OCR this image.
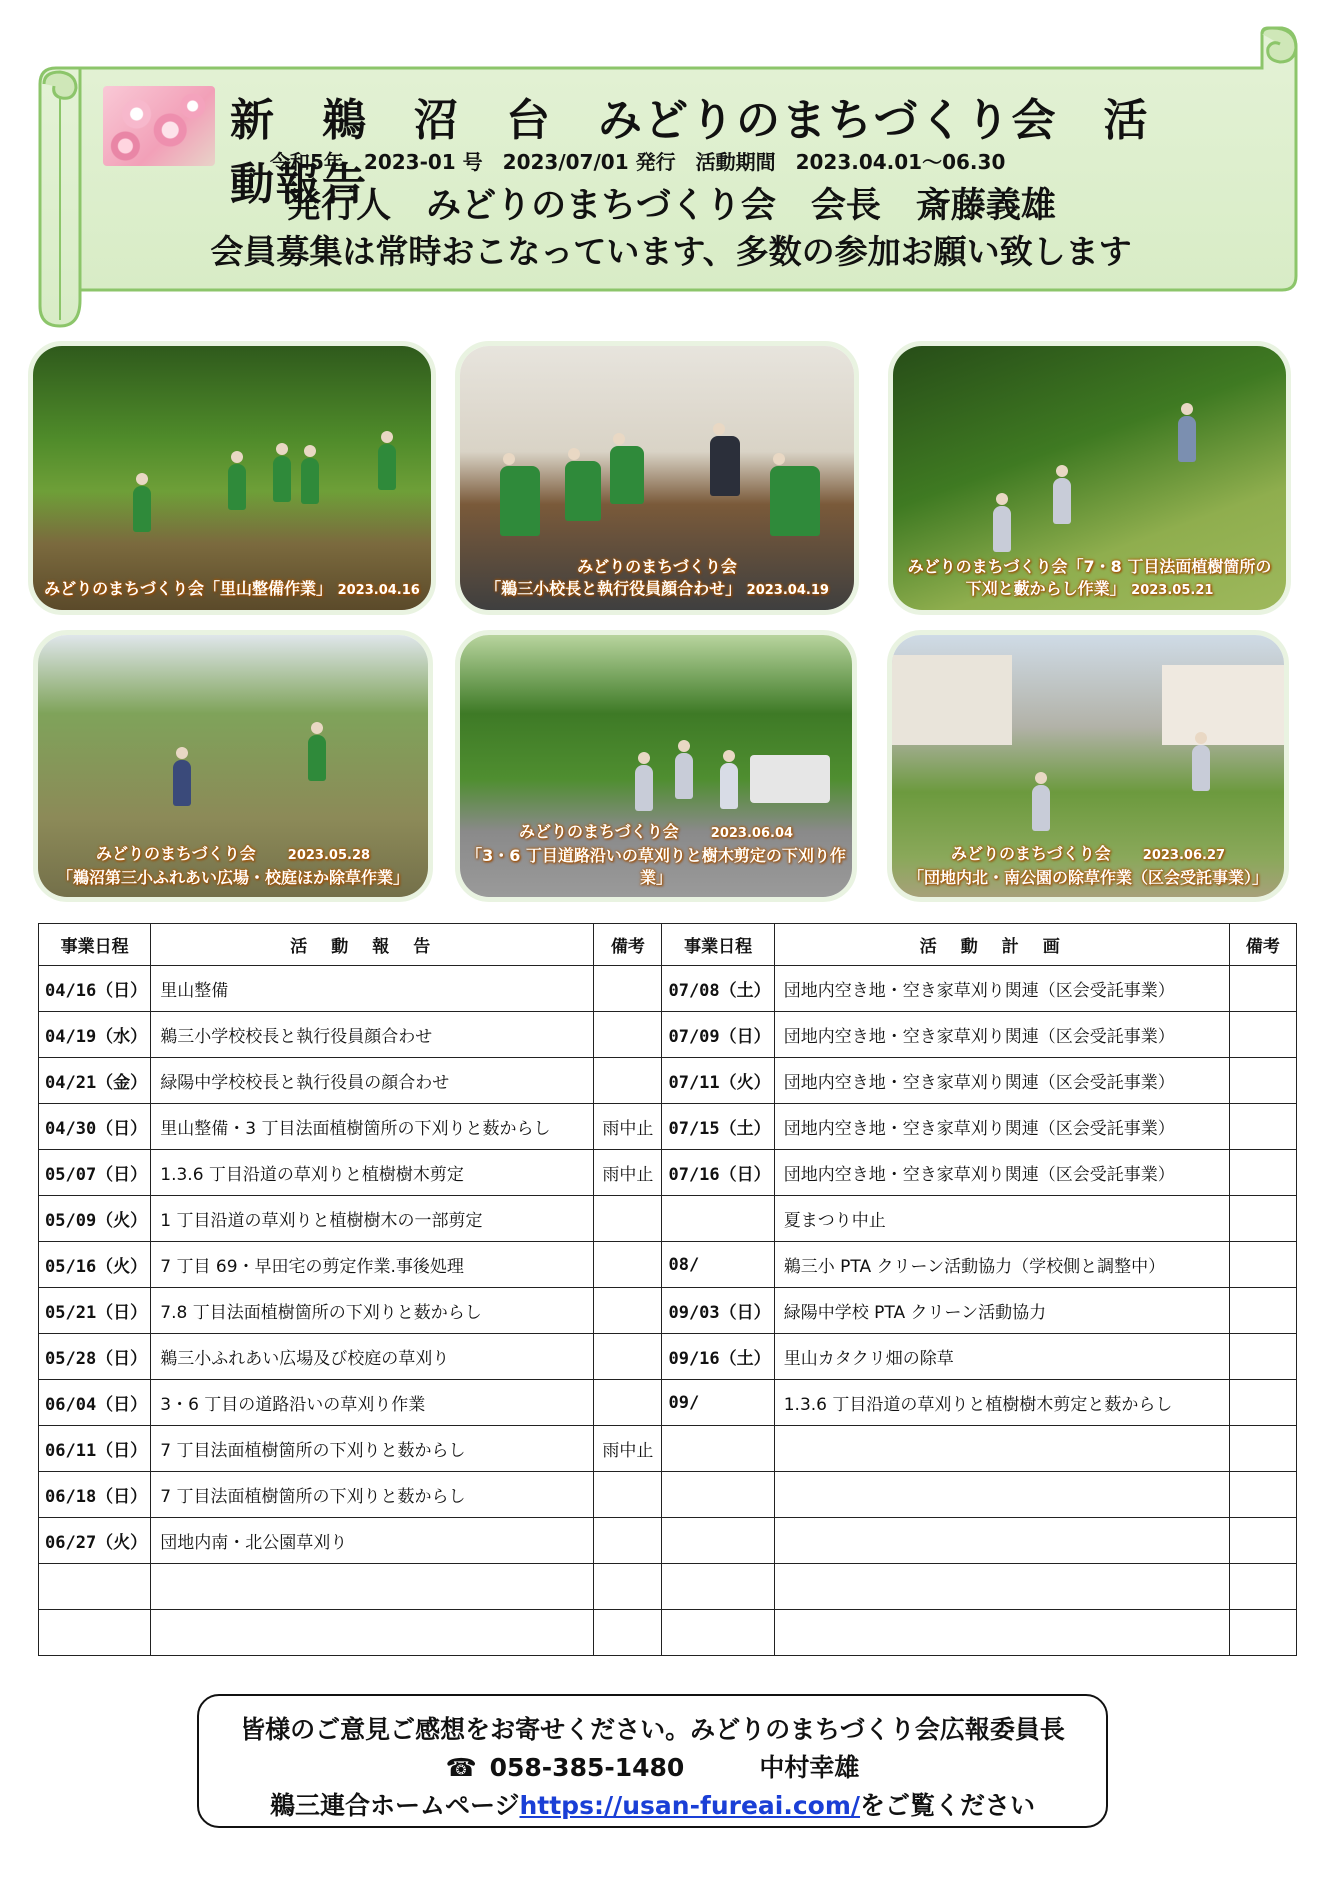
新　鵜　沼　台　みどりのまちづくり会　活動報告
令和5年　2023-01 号　2023/07/01 発行　活動期間　2023.04.01～06.30
発行人　みどりのまちづくり会　会長　斎藤義雄
会員募集は常時おこなっています、多数の参加お願い致します
みどりのまちづくり会「里山整備作業」 2023.04.16
みどりのまちづくり会
「鵜三小校長と執行役員顔合わせ」 2023.04.19
みどりのまちづくり会「7・8 丁目法面植樹箇所の
下刈と藪からし作業」 2023.05.21
みどりのまちづくり会　　 2023.05.28
「鵜沼第三小ふれあい広場・校庭ほか除草作業」
みどりのまちづくり会　　 2023.06.04
「3・6 丁目道路沿いの草刈りと樹木剪定の下刈り作業」
みどりのまちづくり会　　 2023.06.27
「団地内北・南公園の除草作業（区会受託事業）」
事業日程	活動報告	備考	事業日程	活動計画	備考
04/16（日）	里山整備		07/08（土）	団地内空き地・空き家草刈り関連（区会受託事業）	
04/19（水）	鵜三小学校校長と執行役員顔合わせ		07/09（日）	団地内空き地・空き家草刈り関連（区会受託事業）	
04/21（金）	緑陽中学校校長と執行役員の顔合わせ		07/11（火）	団地内空き地・空き家草刈り関連（区会受託事業）	
04/30（日）	里山整備・3 丁目法面植樹箇所の下刈りと薮からし	雨中止	07/15（土）	団地内空き地・空き家草刈り関連（区会受託事業）	
05/07（日）	1.3.6 丁目沿道の草刈りと植樹樹木剪定	雨中止	07/16（日）	団地内空き地・空き家草刈り関連（区会受託事業）	
05/09（火）	1 丁目沿道の草刈りと植樹樹木の一部剪定			夏まつり中止	
05/16（火）	7 丁目 69・早田宅の剪定作業.事後処理		08/	鵜三小 PTA クリーン活動協力（学校側と調整中）	
05/21（日）	7.8 丁目法面植樹箇所の下刈りと薮からし		09/03（日）	緑陽中学校 PTA クリーン活動協力	
05/28（日）	鵜三小ふれあい広場及び校庭の草刈り		09/16（土）	里山カタクリ畑の除草	
06/04（日）	3・6 丁目の道路沿いの草刈り作業		09/	1.3.6 丁目沿道の草刈りと植樹樹木剪定と薮からし	
06/11（日）	7 丁目法面植樹箇所の下刈りと薮からし	雨中止			
06/18（日）	7 丁目法面植樹箇所の下刈りと薮からし				
06/27（火）	団地内南・北公園草刈り				

皆様のご意見ご感想をお寄せください。みどりのまちづくり会広報委員長
☎ 058-385-1480　　　	中村幸雄
鵜三連合ホームページhttps://usan-fureai.com/をご覧ください
